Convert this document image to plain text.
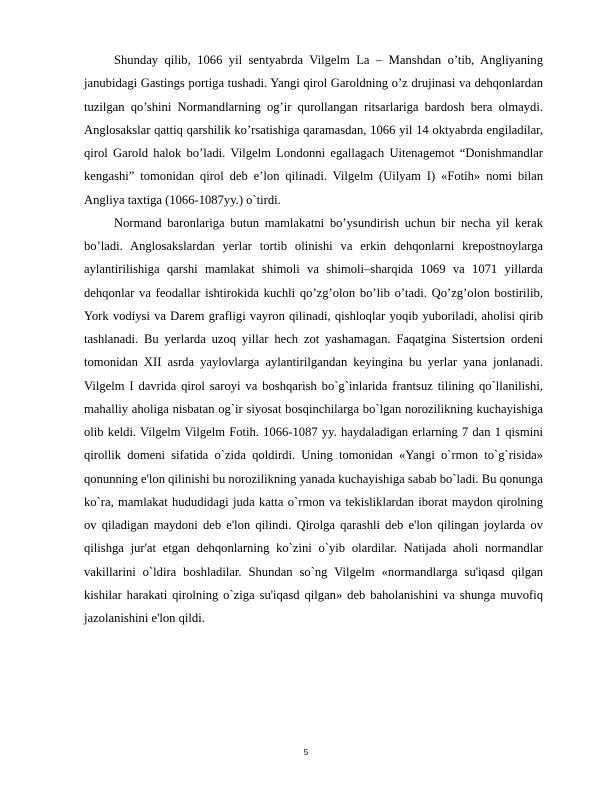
Shunday qilib, 1066 yil sentyabrda Vilgelm La – Manshdan o’tib, Angliyaning janubidagi Gastings portiga tushadi. Yangi qirol Garoldning o’z drujinasi va dehqonlardan tuzilgan qo’shini Normandlarning og’ir qurollangan ritsarlariga bardosh bera olmaydi. Anglosakslar qattiq qarshilik ko’rsatishiga qaramasdan, 1066 yil 14 oktyabrda engiladilar, qirol Garold halok bo’ladi. Vilgelm Londonni egallagach Uitenagemot “Donishmandlar kengashi” tomonidan qirol deb e’lon qilinadi. Vilgelm (Uilyam I) «Fotih» nomi bilan Angliya taxtiga (1066-1087yy.) o`tirdi.

Normand baronlariga butun mamlakatni bo’ysundirish uchun bir necha yil kerak bo’ladi. Anglosakslardan yerlar tortib olinishi va erkin dehqonlarni krepostnoylarga aylantirilishiga qarshi mamlakat shimoli va shimoli–sharqida 1069 va 1071 yillarda dehqonlar va feodallar ishtirokida kuchli qo’zg’olon bo’lib o’tadi. Qo’zg’olon bostirilib, York vodiysi va Darem grafligi vayron qilinadi, qishloqlar yoqib yuboriladi, aholisi qirib tashlanadi. Bu yerlarda uzoq yillar hech zot yashamagan. Faqatgina Sistertsion ordeni tomonidan XII asrda yaylovlarga aylantirilgandan keyingina bu yerlar yana jonlanadi. Vilgelm I davrida qirol saroyi va boshqarish bo`g`inlarida frantsuz tilining qo`llanilishi, mahalliy aholiga nisbatan og`ir siyosat bosqinchilarga bo`lgan norozilikning kuchayishiga olib keldi. Vilgelm Vilgelm Fotih. 1066-1087 yy. haydaladigan erlarning 7 dan 1 qismini qirollik domeni sifatida o`zida qoldirdi. Uning tomonidan «Yangi o`rmon to`g`risida» qonunning e'lon qilinishi bu norozilikning yanada kuchayishiga sabab bo`ladi. Bu qonunga ko`ra, mamlakat hududidagi juda katta o`rmon va tekisliklardan iborat maydon qirolning ov qiladigan maydoni deb e'lon qilindi. Qirolga qarashli deb e'lon qilingan joylarda ov qilishga jur'at etgan dehqonlarning ko`zini o`yib olardilar. Natijada aholi normandlar vakillarini o`ldira boshladilar. Shundan so`ng Vilgelm «normandlarga su'iqasd qilgan kishilar harakati qirolning o`ziga su'iqasd qilgan» deb baholanishini va shunga muvofiq jazolanishini e'lon qildi.

5
